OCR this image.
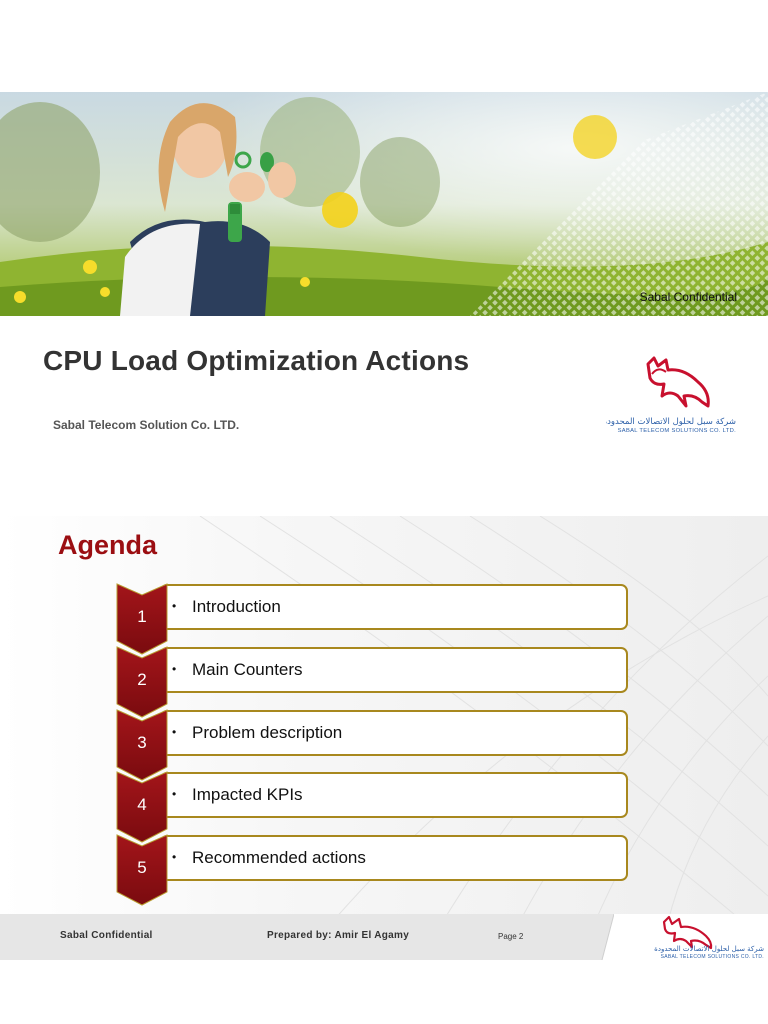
Sabal Confidential
CPU Load Optimization Actions
Sabal Telecom Solution Co. LTD.	شركة سبل لحلول الاتصالات المحدودة
SABAL TELECOM SOLUTIONS CO. LTD.
Agenda
• Introduction
1
• Main Counters
2
• Problem description
3
• Impacted KPIs
4
• Recommended actions
5
Sabal Confidential	Prepared by: Amir El Agamy	Page 2
شركة سبل لحلول الاتصالات المحدودة
SABAL TELECOM SOLUTIONS CO. LTD.
